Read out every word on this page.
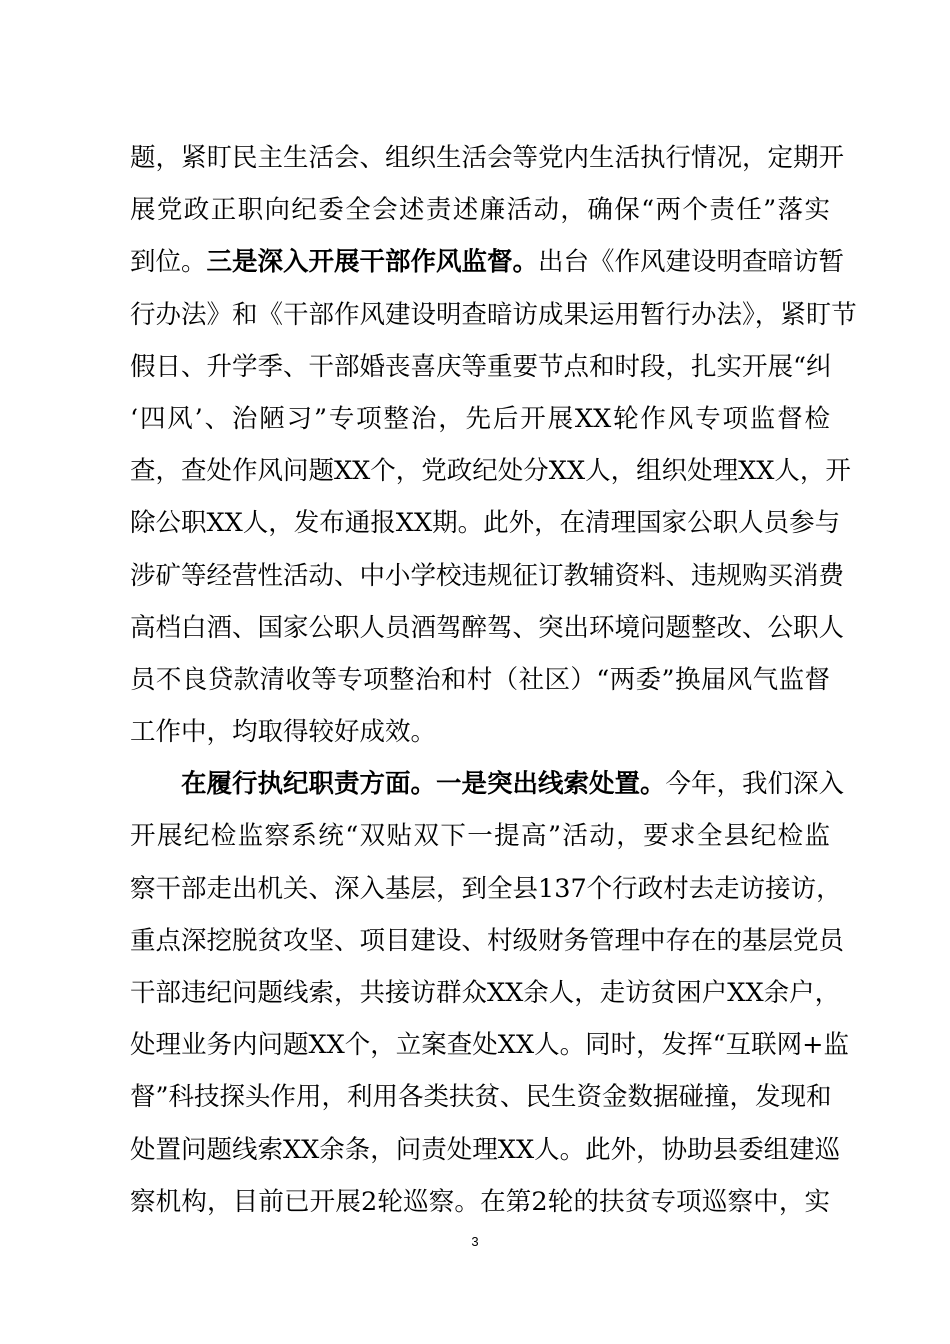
题，紧盯民主生活会、组织生活会等党内生活执行情况，定期开
展党政正职向纪委全会述责述廉活动，确保“两个责任”落实
到位。三是深入开展干部作风监督。出台《作风建设明查暗访暂
行办法》和《干部作风建设明查暗访成果运用暂行办法》，紧盯节
假日、升学季、干部婚丧喜庆等重要节点和时段，扎实开展“纠
‘四风’、治陋习”专项整治，先后开展XX轮作风专项监督检
查，查处作风问题XX个，党政纪处分XX人，组织处理XX人，开
除公职XX人，发布通报XX期。此外，在清理国家公职人员参与
涉矿等经营性活动、中小学校违规征订教辅资料、违规购买消费
高档白酒、国家公职人员酒驾醉驾、突出环境问题整改、公职人
员不良贷款清收等专项整治和村（社区）“两委”换届风气监督
工作中，均取得较好成效。
在履行执纪职责方面。一是突出线索处置。今年，我们深入
开展纪检监察系统“双贴双下一提高”活动，要求全县纪检监
察干部走出机关、深入基层，到全县137个行政村去走访接访，
重点深挖脱贫攻坚、项目建设、村级财务管理中存在的基层党员
干部违纪问题线索，共接访群众XX余人，走访贫困户XX余户，
处理业务内问题XX个，立案查处XX人。同时，发挥“互联网+监
督”科技探头作用，利用各类扶贫、民生资金数据碰撞，发现和
处置问题线索XX余条，问责处理XX人。此外，协助县委组建巡
察机构，目前已开展2轮巡察。在第2轮的扶贫专项巡察中，实
3
